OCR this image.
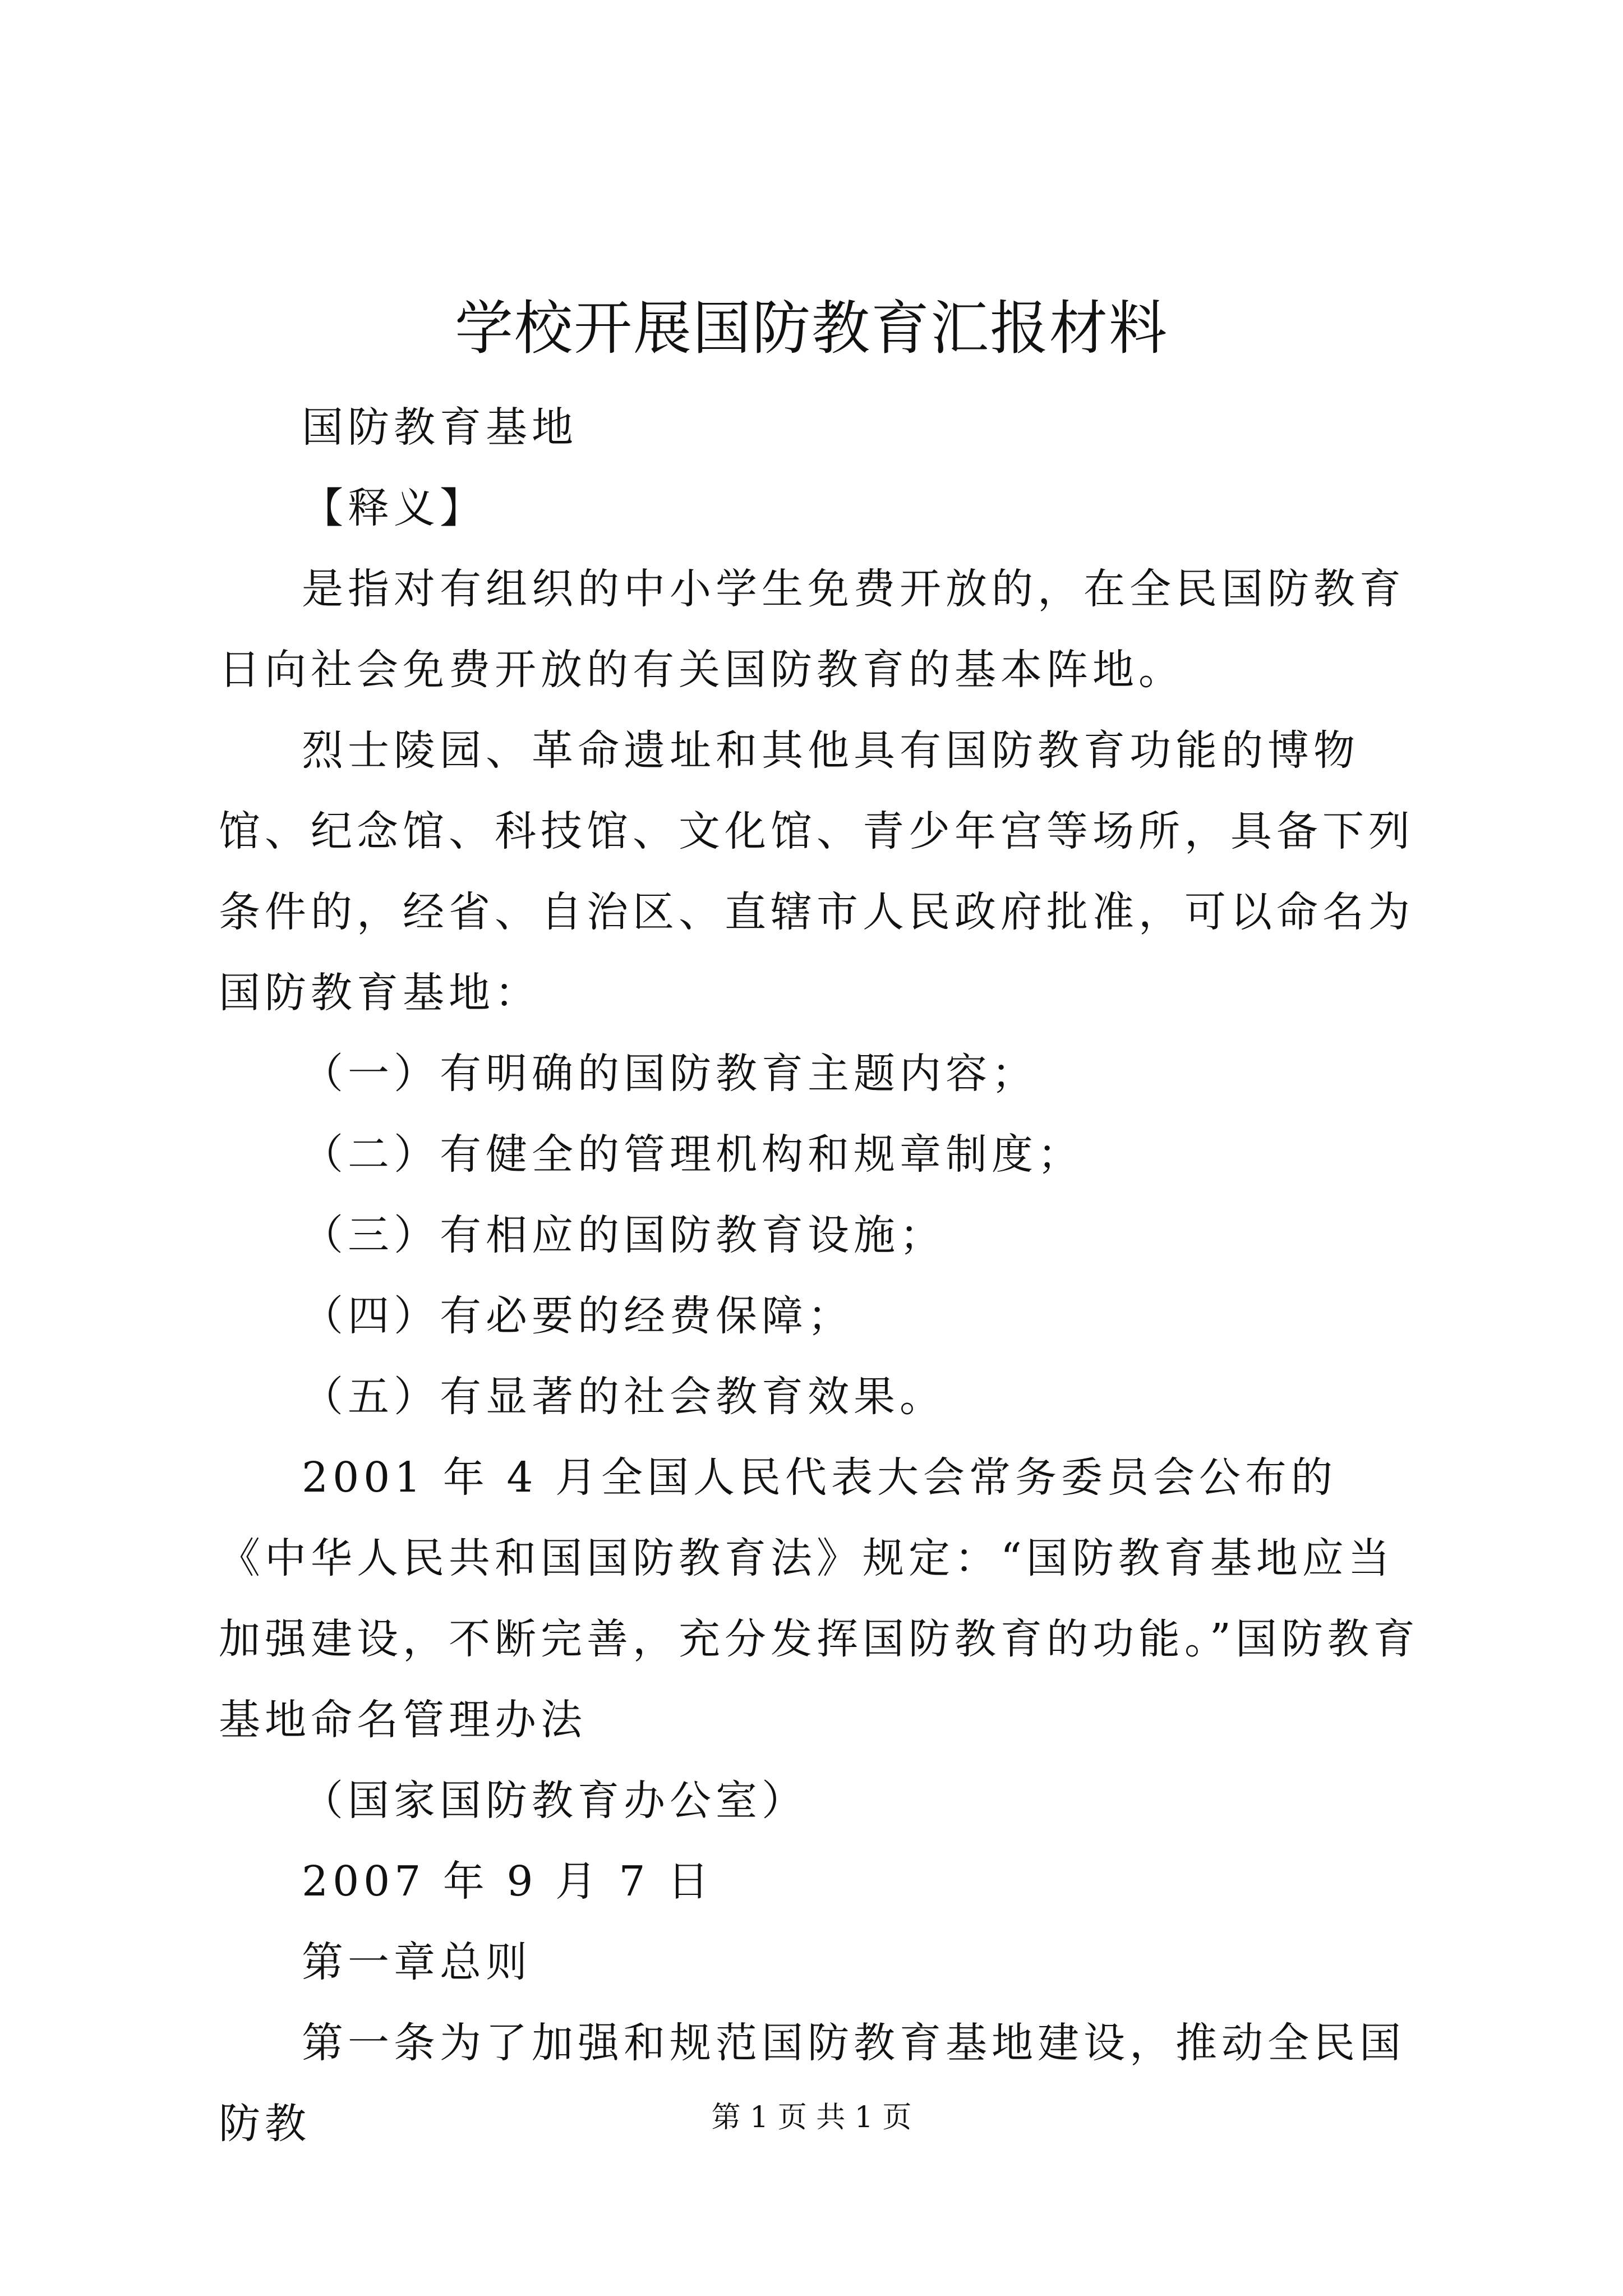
学校开展国防教育汇报材料

国防教育基地

【释义】

是指对有组织的中小学生免费开放的，在全民国防教育日向社会免费开放的有关国防教育的基本阵地。

烈士陵园、革命遗址和其他具有国防教育功能的博物馆、纪念馆、科技馆、文化馆、青少年宫等场所，具备下列条件的，经省、自治区、直辖市人民政府批准，可以命名为国防教育基地：

（一）有明确的国防教育主题内容；

（二）有健全的管理机构和规章制度；

（三）有相应的国防教育设施；

（四）有必要的经费保障；

（五）有显著的社会教育效果。

2001 年 4 月全国人民代表大会常务委员会公布的《中华人民共和国国防教育法》规定：“国防教育基地应当加强建设，不断完善，充分发挥国防教育的功能。”国防教育基地命名管理办法

（国家国防教育办公室）

2007 年 9 月 7 日

第一章总则

第一条为了加强和规范国防教育基地建设，推动全民国防教	第 1 页 共 1 页
